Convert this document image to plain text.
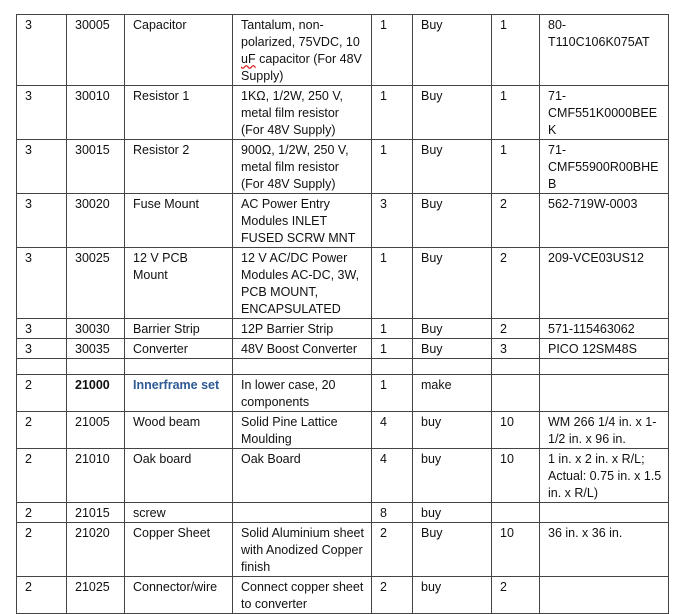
3	30005	Capacitor	Tantalum, non-polarized, 75VDC, 10 uF capacitor (For 48V Supply)	1	Buy	1	80-T110C106K075AT
3	30010	Resistor 1	1KΩ, 1/2W, 250 V, metal film resistor (For 48V Supply)	1	Buy	1	71-CMF551K0000BEEK
3	30015	Resistor 2	900Ω, 1/2W, 250 V, metal film resistor (For 48V Supply)	1	Buy	1	71-CMF55900R00BHEB
3	30020	Fuse Mount	AC Power Entry Modules INLET FUSED SCRW MNT	3	Buy	2	562-719W-0003
3	30025	12 V PCB Mount	12 V AC/DC Power Modules AC-DC, 3W, PCB MOUNT, ENCAPSULATED	1	Buy	2	209-VCE03US12
3	30030	Barrier Strip	12P Barrier Strip	1	Buy	2	571-115463062
3	30035	Converter	48V Boost Converter	1	Buy	3	PICO 12SM48S

2	21000	Innerframe set	In lower case, 20 components	1	make		
2	21005	Wood beam	Solid Pine Lattice Moulding	4	buy	10	WM 266 1/4 in. x 1-1/2 in. x 96 in.
2	21010	Oak board	Oak Board	4	buy	10	1 in. x 2 in. x R/L; Actual: 0.75 in. x 1.5 in. x R/L)
2	21015	screw		8	buy		
2	21020	Copper Sheet	Solid Aluminium sheet with Anodized Copper finish	2	Buy	10	36 in. x 36 in.
2	21025	Connector/wire	Connect copper sheet to converter	2	buy	2	
